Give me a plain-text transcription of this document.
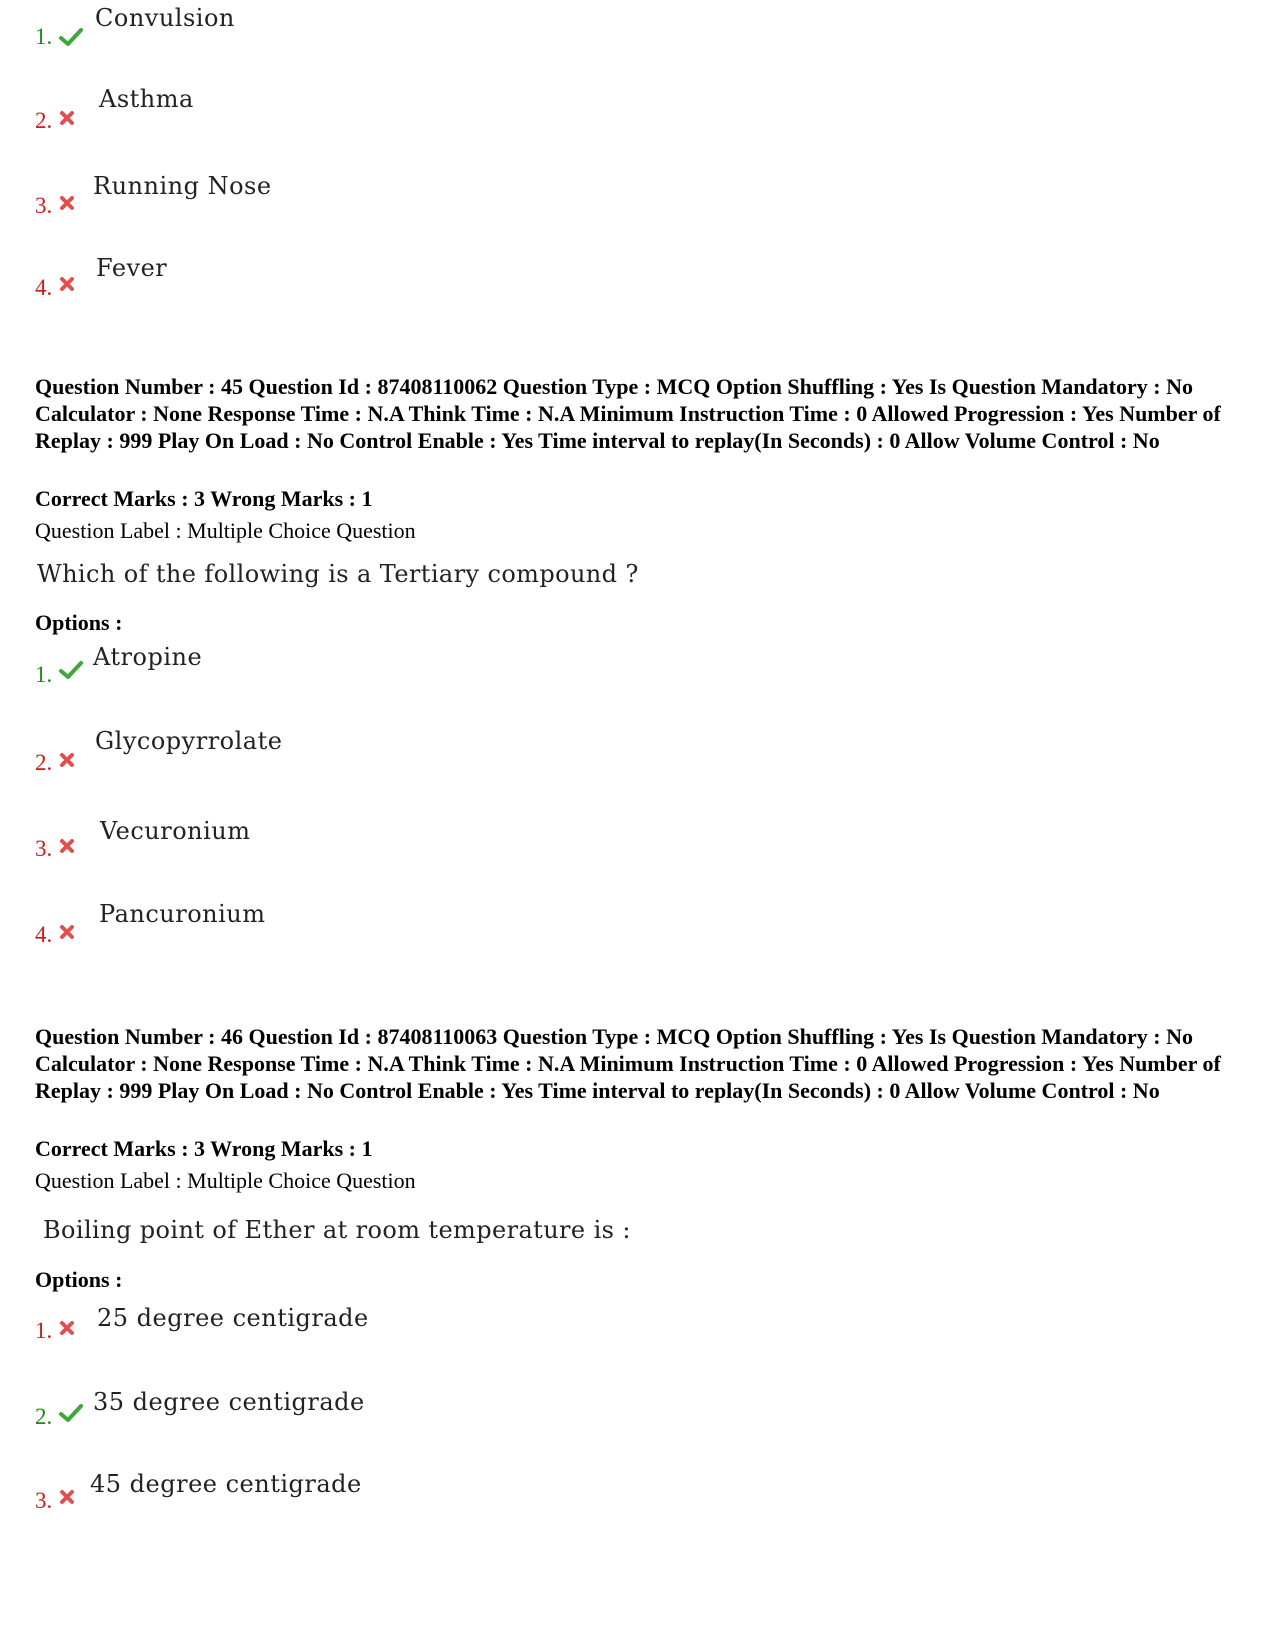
1.
Convulsion
2.
Asthma
3.
Running Nose
4.
Fever

Question Number : 45 Question Id : 87408110062 Question Type : MCQ Option Shuffling : Yes Is Question Mandatory : No Calculator : None Response Time : N.A Think Time : N.A Minimum Instruction Time : 0 Allowed Progression : Yes Number of Replay : 999 Play On Load : No Control Enable : Yes Time interval to replay(In Seconds) : 0 Allow Volume Control : No

Correct Marks : 3 Wrong Marks : 1
Question Label : Multiple Choice Question
Which of the following is a Tertiary compound ?
Options :
1.
Atropine
2.
Glycopyrrolate
3.
Vecuronium
4.
Pancuronium

Question Number : 46 Question Id : 87408110063 Question Type : MCQ Option Shuffling : Yes Is Question Mandatory : No Calculator : None Response Time : N.A Think Time : N.A Minimum Instruction Time : 0 Allowed Progression : Yes Number of Replay : 999 Play On Load : No Control Enable : Yes Time interval to replay(In Seconds) : 0 Allow Volume Control : No

Correct Marks : 3 Wrong Marks : 1
Question Label : Multiple Choice Question
Boiling point of Ether at room temperature is :
Options :
1. 25 degree centigrade
2.
35 degree centigrade
3.
45 degree centigrade
